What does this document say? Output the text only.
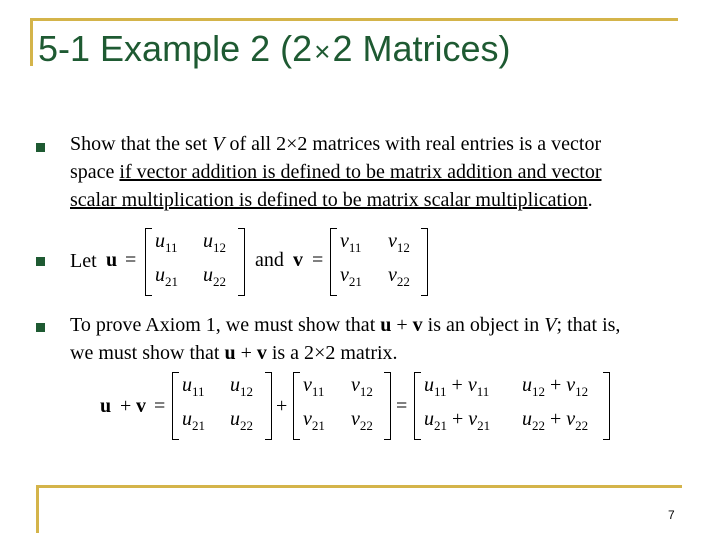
5-1 Example 2 (2×2 Matrices)
Show that the set V of all 2×2 matrices with real entries is a vector
space if vector addition is defined to be matrix addition and vector
scalar multiplication is defined to be matrix scalar multiplication.
Let u =
$u_{11}$ $u_{12}$
$u_{21}$ $u_{22}$
and v =
$v_{11}$ $v_{12}$
$v_{21}$ $v_{22}$
To prove Axiom 1, we must show that u + v is an object in V; that is,
we must show that u + v is a 2×2 matrix.
u + v =
$u_{11}$ $u_{12}$
$u_{21}$ $u_{22}$
+
$v_{11}$ $v_{12}$
$v_{21}$ $v_{22}$
=
$u_{11} + v_{11}$ $u_{12} + v_{12}$
$u_{21} + v_{21}$ $u_{22} + v_{22}$
7
